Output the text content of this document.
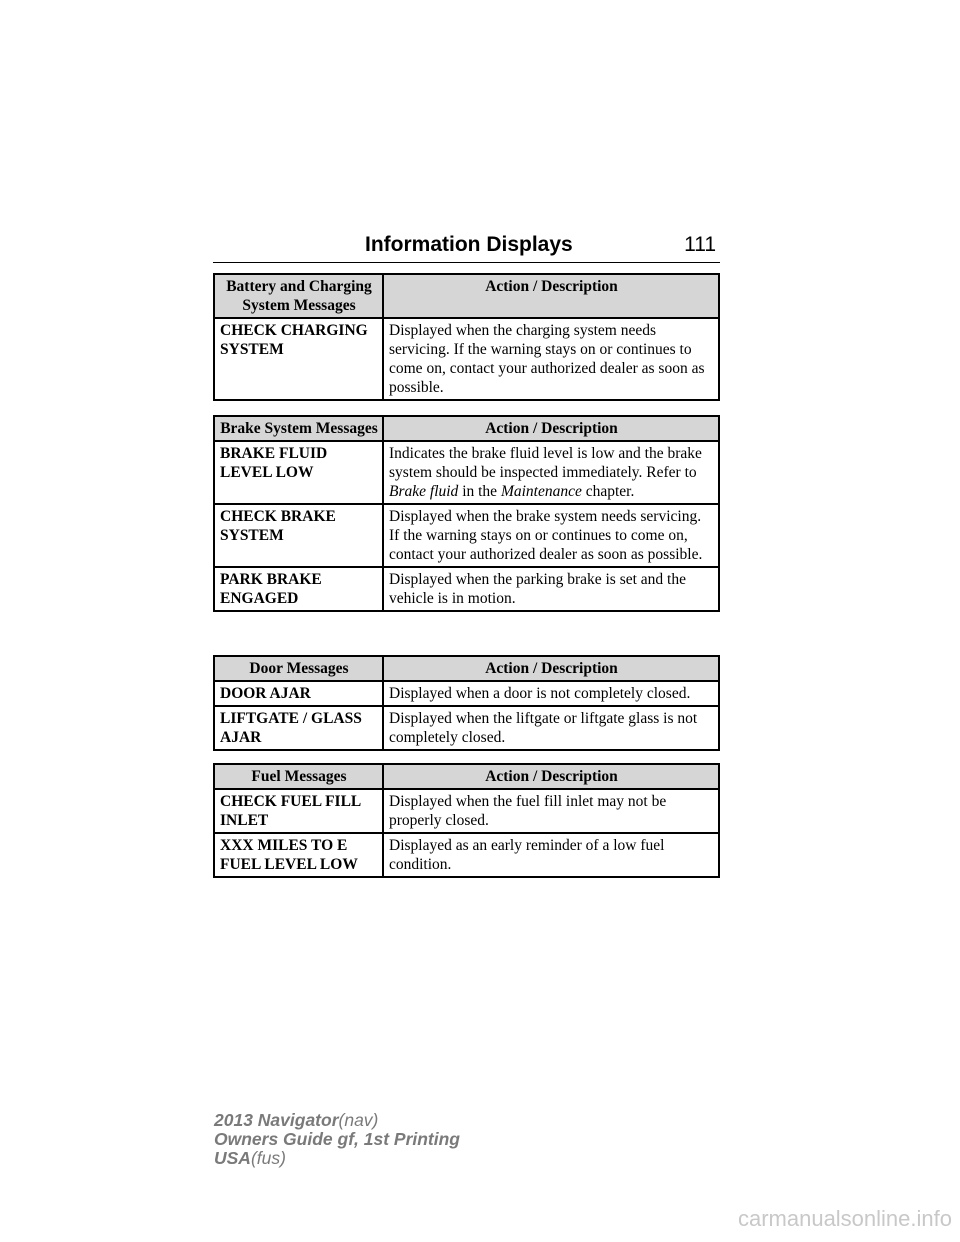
Information Displays	111
Battery and Charging System Messages	Action / Description
CHECK CHARGING SYSTEM	Displayed when the charging system needs servicing. If the warning stays on or continues to come on, contact your authorized dealer as soon as possible.
Brake System Messages	Action / Description
BRAKE FLUID LEVEL LOW	Indicates the brake fluid level is low and the brake system should be inspected immediately. Refer to Brake fluid in the Maintenance chapter.
CHECK BRAKE SYSTEM	Displayed when the brake system needs servicing. If the warning stays on or continues to come on, contact your authorized dealer as soon as possible.
PARK BRAKE ENGAGED	Displayed when the parking brake is set and the vehicle is in motion.
Door Messages	Action / Description
DOOR AJAR	Displayed when a door is not completely closed.
LIFTGATE / GLASS AJAR	Displayed when the liftgate or liftgate glass is not completely closed.
Fuel Messages	Action / Description
CHECK FUEL FILL INLET	Displayed when the fuel fill inlet may not be properly closed.
XXX MILES TO E FUEL LEVEL LOW	Displayed as an early reminder of a low fuel condition.
2013 Navigator(nav)
Owners Guide gf, 1st Printing
USA(fus)
carmanualsonline.info
